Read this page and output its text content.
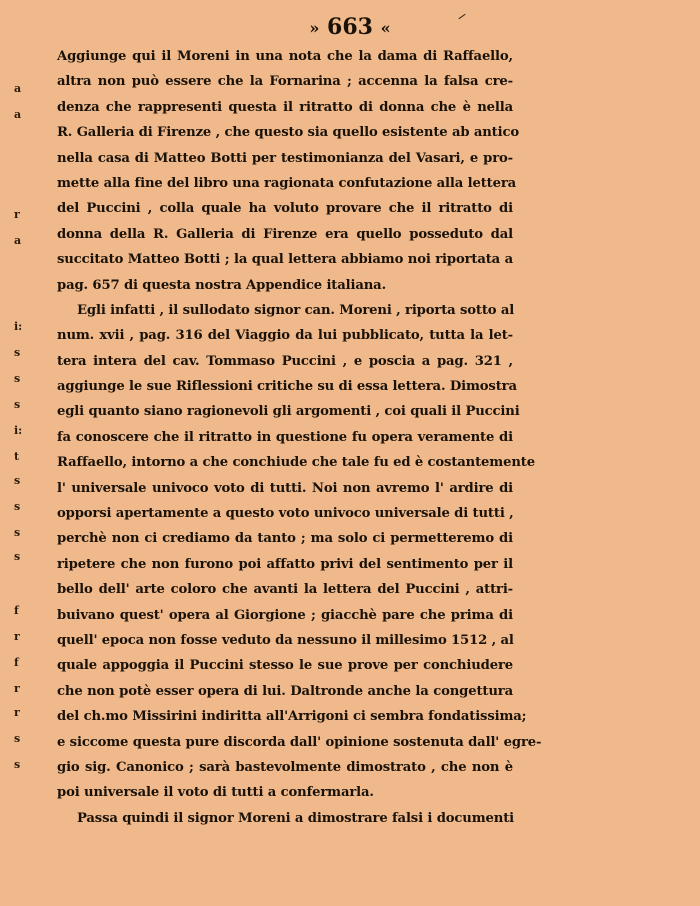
» 663 «
a
a
r
a
i:
s
s
s
i:
t
s
s
s
s
f
r
f
r
r
s
s
Aggiunge qui il Moreni in una nota che la dama di Raffaello,
altra non può essere che la Fornarina ; accenna la falsa cre-
denza che rappresenti questa il ritratto di donna che è nella
R. Galleria di Firenze , che questo sia quello esistente ab antico
nella casa di Matteo Botti per testimonianza del Vasari, e pro-
mette alla fine del libro una ragionata confutazione alla lettera
del Puccini , colla quale ha voluto provare che il ritratto di
donna della R. Galleria di Firenze era quello posseduto dal
succitato Matteo Botti ; la qual lettera abbiamo noi riportata a
pag. 657 di questa nostra Appendice italiana.
Egli infatti , il sullodato signor can. Moreni , riporta sotto al
num. xvii , pag. 316 del Viaggio da lui pubblicato, tutta la let-
tera intera del cav. Tommaso Puccini , e poscia a pag. 321 ,
aggiunge le sue Riflessioni critiche su di essa lettera. Dimostra
egli quanto siano ragionevoli gli argomenti , coi quali il Puccini
fa conoscere che il ritratto in questione fu opera veramente di
Raffaello, intorno a che conchiude che tale fu ed è costantemente
l' universale univoco voto di tutti. Noi non avremo l' ardire di
opporsi apertamente a questo voto univoco universale di tutti ,
perchè non ci crediamo da tanto ; ma solo ci permetteremo di
ripetere che non furono poi affatto privi del sentimento per il
bello dell' arte coloro che avanti la lettera del Puccini , attri-
buivano quest' opera al Giorgione ; giacchè pare che prima di
quell' epoca non fosse veduto da nessuno il millesimo 1512 , al
quale appoggia il Puccini stesso le sue prove per conchiudere
che non potè esser opera di lui. Daltronde anche la congettura
del ch.mo Missirini indiritta all'Arrigoni ci sembra fondatissima;
e siccome questa pure discorda dall' opinione sostenuta dall' egre-
gio sig. Canonico ; sarà bastevolmente dimostrato , che non è
poi universale il voto di tutti a confermarla.
Passa quindi il signor Moreni a dimostrare falsi i documenti
